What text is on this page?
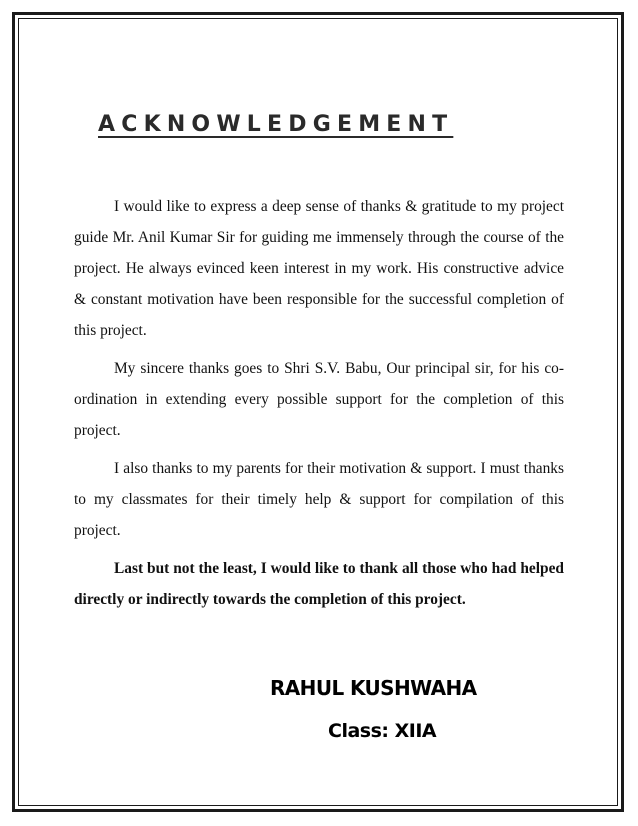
ACKNOWLEDGEMENT

I would like to express a deep sense of thanks & gratitude to my project guide Mr. Anil Kumar Sir for guiding me immensely through the course of the project. He always evinced keen interest in my work. His constructive advice & constant motivation have been responsible for the successful completion of this project.

My sincere thanks goes to Shri S.V. Babu, Our principal sir, for his co-ordination in extending every possible support for the completion of this project.

I also thanks to my parents for their motivation & support. I must thanks to my classmates for their timely help & support for compilation of this project.

Last but not the least, I would like to thank all those who had helped directly or indirectly towards the completion of this project.

RAHUL KUSHWAHA
Class: XIIA
